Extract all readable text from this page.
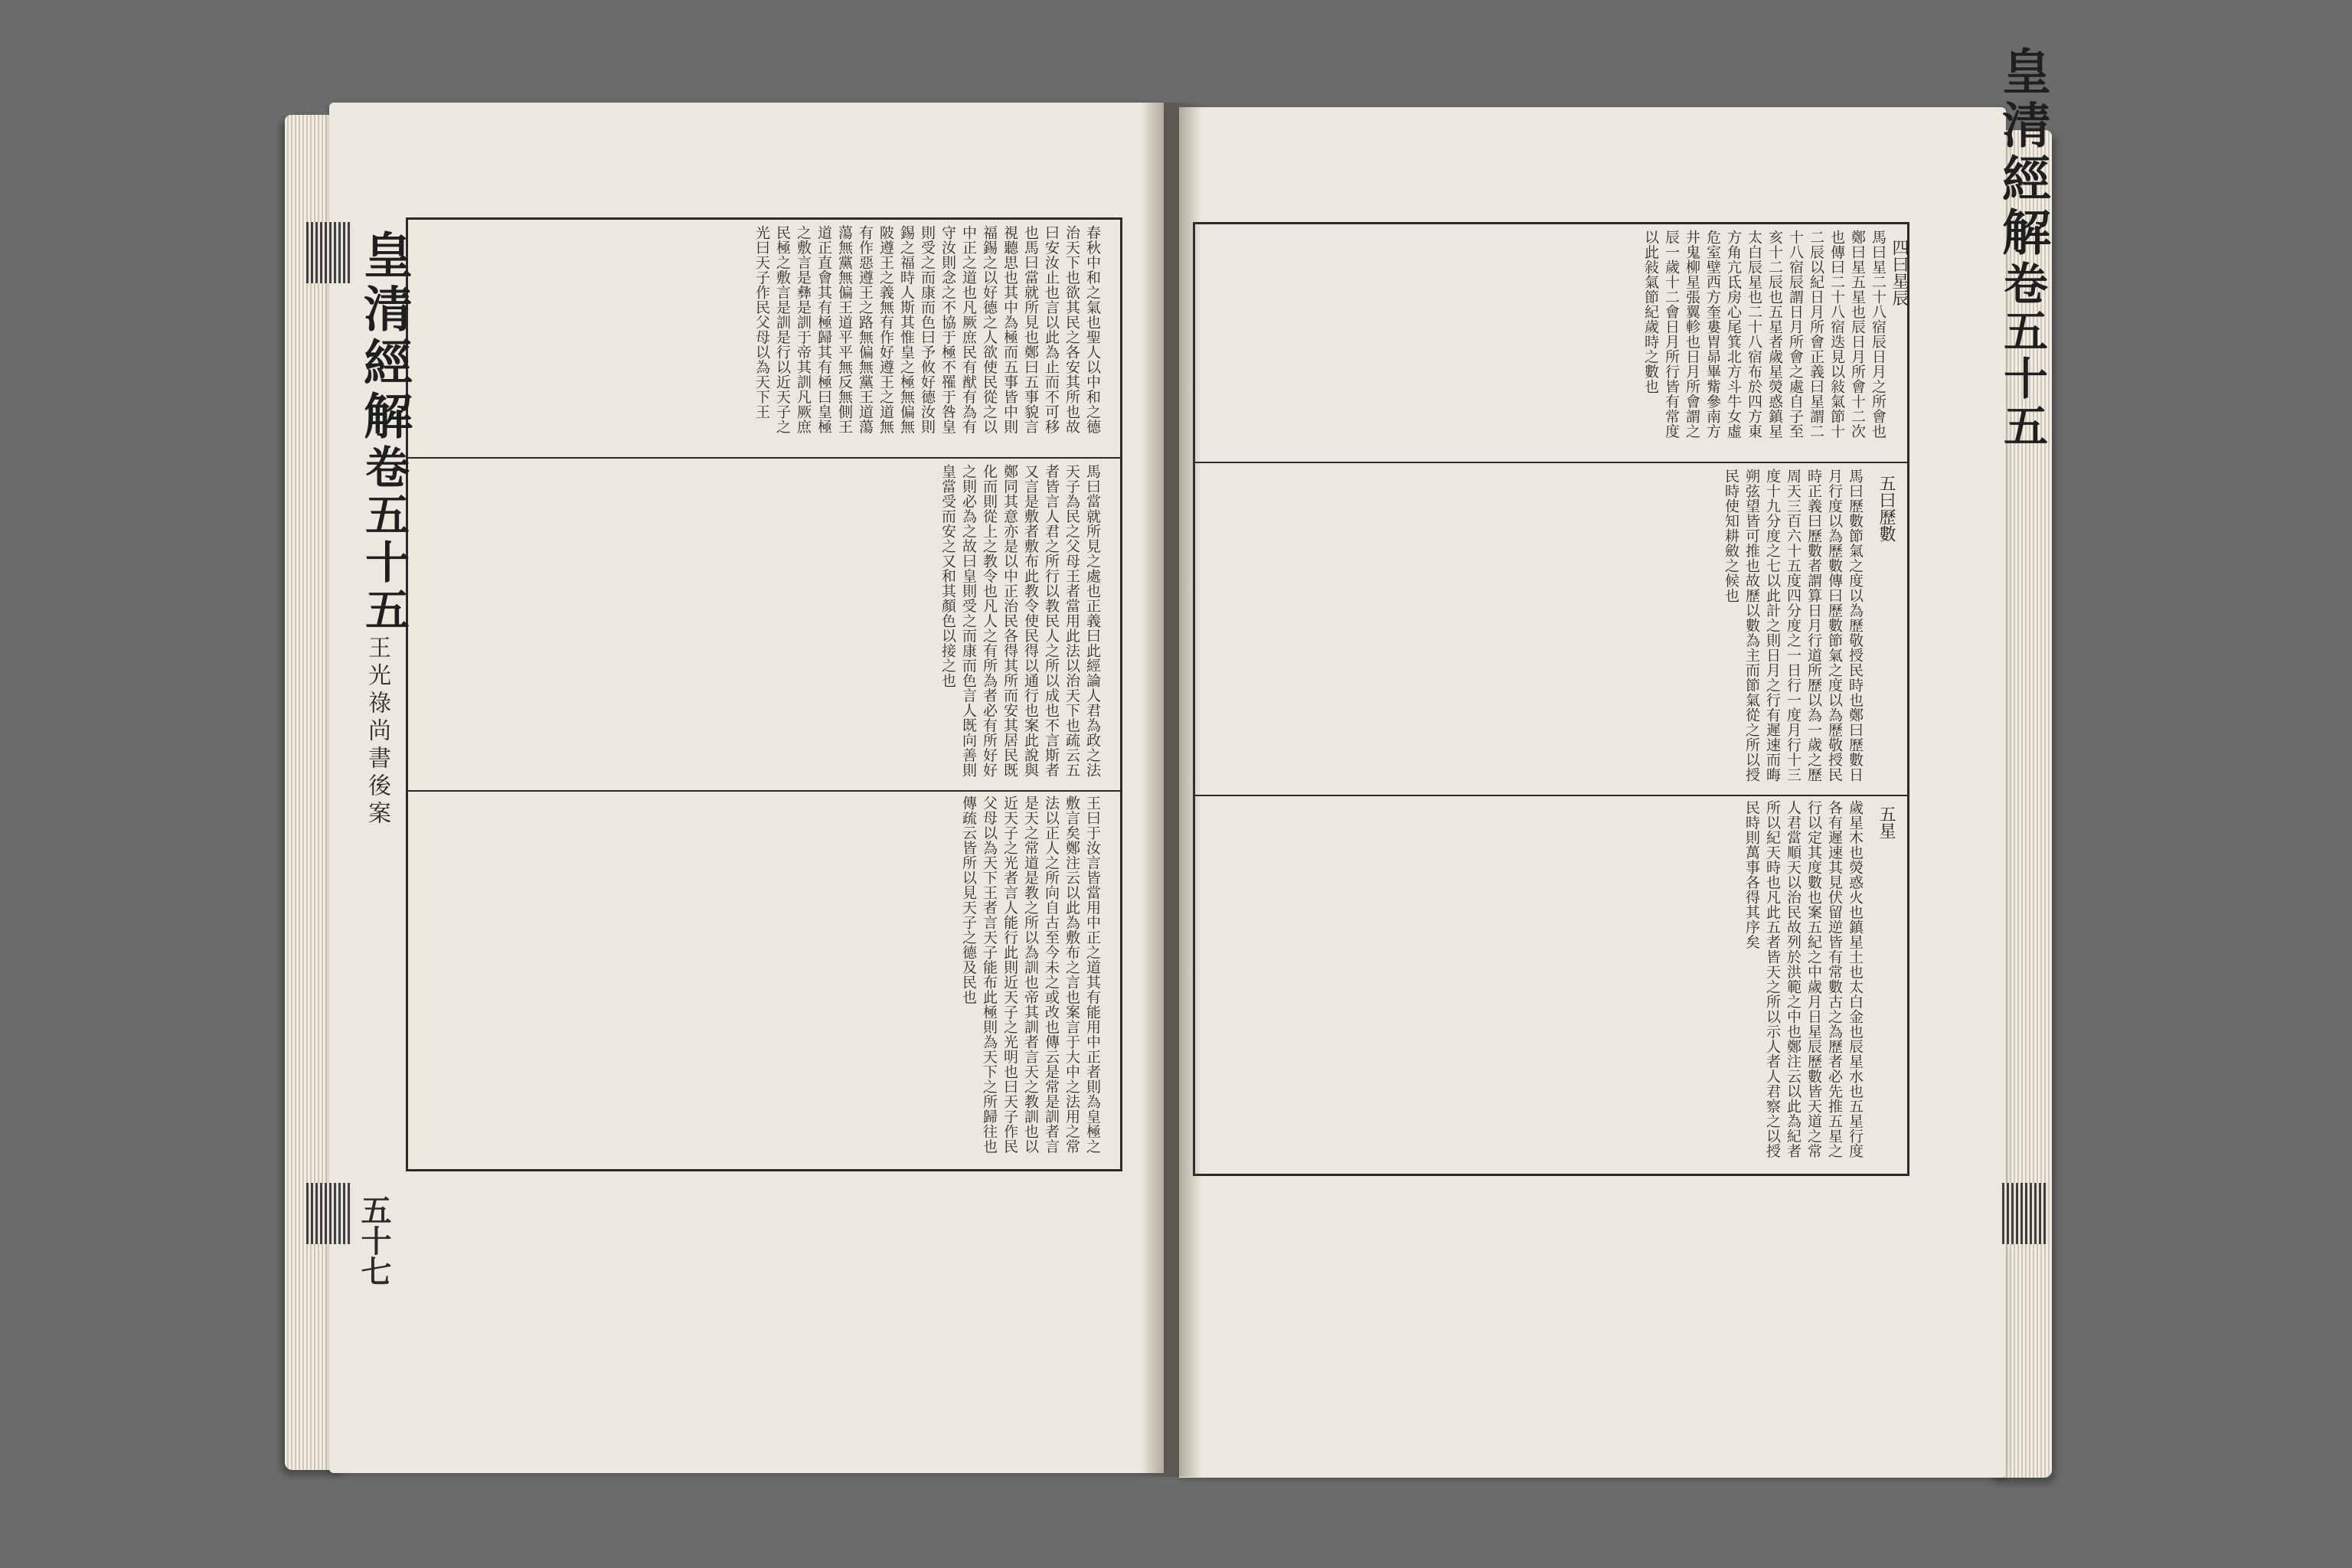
春秋中和之氣也聖人以中和之德治天下也欲其民之各安其所也故曰安汝止也言以此為止而不可移也馬曰當就所見也鄭曰五事貌言視聽思也其中為極而五事皆中則福錫之以好德之人欲使民從之以中正之道也凡厥庶民有猷有為有守汝則念之不協于極不罹于咎皇則受之而康而色曰予攸好德汝則錫之福時人斯其惟皇之極無偏無陂遵王之義無有作好遵王之道無有作惡遵王之路無偏無黨王道蕩蕩無黨無偏王道平平無反無側王道正直會其有極歸其有極曰皇極之敷言是彝是訓于帝其訓凡厥庶民極之敷言是訓是行以近天子之光曰天子作民父母以為天下王
馬曰當就所見之處也正義曰此經論人君為政之法天子為民之父母王者當用此法以治天下也疏云五者皆言人君之所行以教民人之所以成也不言斯者又言是敷者敷布此教令使民得以通行也案此說與鄭同其意亦是以中正治民各得其所而安其居民既化而則從上之教令也凡人之有所為者必有所好好之則必為之故曰皇則受之而康而色言人既向善則皇當受而安之又和其顏色以接之也
王曰于汝言皆當用中正之道其有能用中正者則為皇極之敷言矣鄭注云以此為敷布之言也案言于大中之法用之常法以正人之所向自古至今未之或改也傳云是常是訓者言是天之常道是教之所以為訓也帝其訓者言天之教訓也以近天子之光者言人能行此則近天子之光明也曰天子作民父母以為天下王者言天子能布此極則為天下之所歸往也傳疏云皆所以見天子之德及民也
馬曰星二十八宿辰日月之所會也鄭曰星五星也辰日月所會十二次也傳曰二十八宿迭見以敍氣節十二辰以紀日月所會正義曰星謂二十八宿辰謂日月所會之處自子至亥十二辰也五星者歲星熒惑鎮星太白辰星也二十八宿布於四方東方角亢氐房心尾箕北方斗牛女虛危室壁西方奎婁胃昴畢觜參南方井鬼柳星張翼軫也日月所會謂之辰一歲十二會日月所行皆有常度以此敍氣節紀歲時之數也	四曰星辰
馬曰歷數節氣之度以為歷敬授民時也鄭曰歷數日月行度以為歷數傳曰歷數節氣之度以為歷敬授民時正義曰歷數者謂算日月行道所歷以為一歲之歷周天三百六十五度四分度之一日行一度月行十三度十九分度之七以此計之則日月之行有遲速而晦朔弦望皆可推也故歷以數為主而節氣從之所以授民時使知耕斂之候也	五曰歷數
歲星木也熒惑火也鎮星土也太白金也辰星水也五星行度各有遲速其見伏留逆皆有常數古之為歷者必先推五星之行以定其度數也案五紀之中歲月日星辰歷數皆天道之常人君當順天以治民故列於洪範之中也鄭注云以此為紀者所以紀天時也凡此五者皆天之所以示人者人君察之以授民時則萬事各得其序矣	五星
皇清經解卷五十五
王光祿尚書後案
五十七
皇清經解卷五十五
